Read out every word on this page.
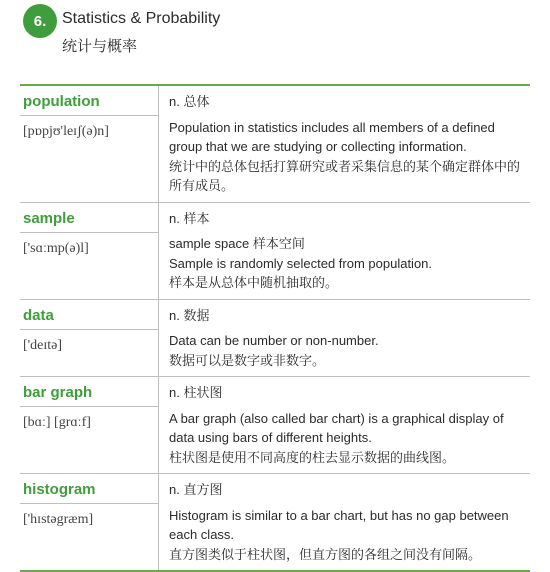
6. Statistics & Probability
统计与概率
population
[pɒpjʊ'leɪʃ(ə)n]
n. 总体

Population in statistics includes all members of a defined group that we are studying or collecting information.

统计中的总体包括打算研究或者采集信息的某个确定群体中的所有成员。

sample
['sɑːmp(ə)l]
n. 样本

sample space 样本空间

Sample is randomly selected from population.

样本是从总体中随机抽取的。

data
['deɪtə]
n. 数据

Data can be number or non-number.

数据可以是数字或非数字。

bar graph
[bɑː] [grɑːf]
n. 柱状图

A bar graph (also called bar chart) is a graphical display of data using bars of different heights.

柱状图是使用不同高度的柱去显示数据的曲线图。

histogram
['hɪstəgræm]
n. 直方图

Histogram is similar to a bar chart, but has no gap between each class.

直方图类似于柱状图，但直方图的各组之间没有间隔。
